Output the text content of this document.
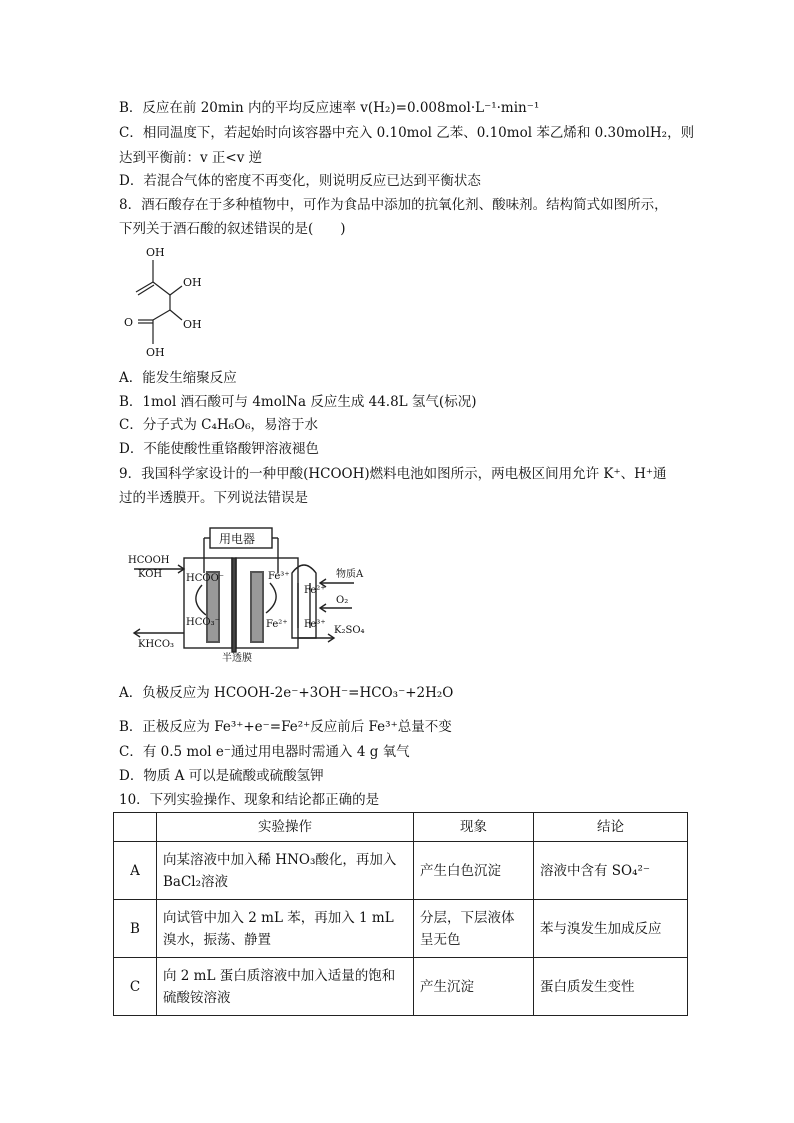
B．反应在前 20min 内的平均反应速率 v(H₂)=0.008mol·L⁻¹·min⁻¹
C．相同温度下，若起始时向该容器中充入 0.10mol 乙苯、0.10mol 苯乙烯和 0.30molH₂，则
达到平衡前：v 正<v 逆
D．若混合气体的密度不再变化，则说明反应已达到平衡状态
8．酒石酸存在于多种植物中，可作为食品中添加的抗氧化剂、酸味剂。结构简式如图所示，
下列关于酒石酸的叙述错误的是(　　)
OH
OH
O	OH
OH
A．能发生缩聚反应
B．1mol 酒石酸可与 4molNa 反应生成 44.8L 氢气(标况)
C．分子式为 C₄H₆O₆，易溶于水
D．不能使酸性重铬酸钾溶液褪色
9．我国科学家设计的一种甲酸(HCOOH)燃料电池如图所示，两电极区间用允许 K⁺、H⁺通
过的半透膜开。下列说法错误是
用电器
HCOOH
KOH HCOO⁻
HCO₃⁻
KHCO₃
Fe³⁺
Fe²⁺
Fe²⁺
Fe³⁺
物质A
O₂
K₂SO₄
半透膜
A．负极反应为 HCOOH-2e⁻+3OH⁻=HCO₃⁻+2H₂O
B．正极反应为 Fe³⁺+e⁻=Fe²⁺反应前后 Fe³⁺总量不变
C．有 0.5 mol e⁻通过用电器时需通入 4 g 氧气
D．物质 A 可以是硫酸或硫酸氢钾
10．下列实验操作、现象和结论都正确的是
	实验操作	现象	结论
A	向某溶液中加入稀 HNO₃酸化，再加入 BaCl₂溶液	产生白色沉淀	溶液中含有 SO₄²⁻
B	向试管中加入 2 mL 苯，再加入 1 mL 溴水，振荡、静置	分层，下层液体呈无色	苯与溴发生加成反应
C	向 2 mL 蛋白质溶液中加入适量的饱和硫酸铵溶液	产生沉淀	蛋白质发生变性
